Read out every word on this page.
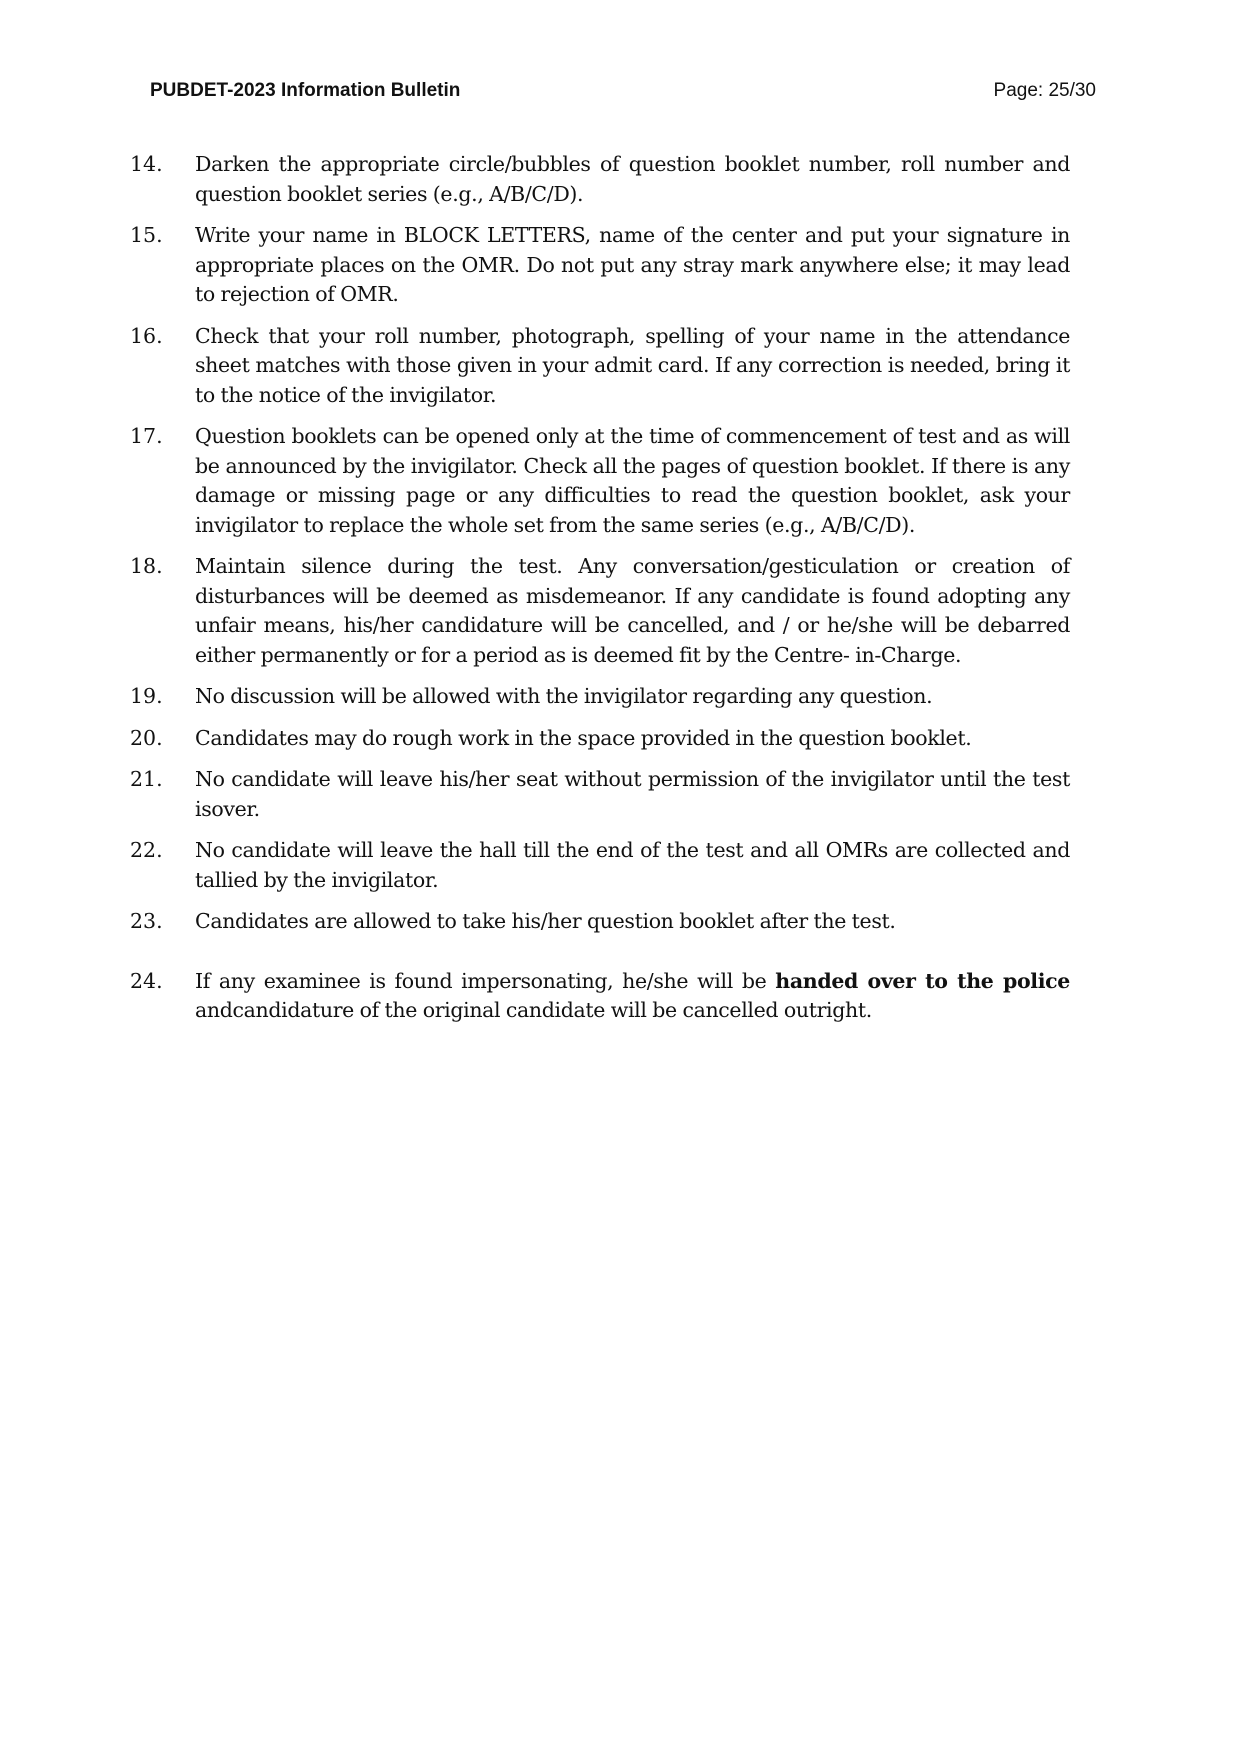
PUBDET-2023 Information Bulletin	Page: 25/30
14.	Darken the appropriate circle/bubbles of question booklet number, roll number and question booklet series (e.g., A/B/C/D).
15.	Write your name in BLOCK LETTERS, name of the center and put your signature in appropriate places on the OMR. Do not put any stray mark anywhere else; it may lead to rejection of OMR.
16.	Check that your roll number, photograph, spelling of your name in the attendance sheet matches with those given in your admit card. If any correction is needed, bring it to the notice of the invigilator.
17.	Question booklets can be opened only at the time of commencement of test and as will be announced by the invigilator. Check all the pages of question booklet. If there is any damage or missing page or any difficulties to read the question booklet, ask your invigilator to replace the whole set from the same series (e.g., A/B/C/D).
18.	Maintain silence during the test. Any conversation/gesticulation or creation of disturbances will be deemed as misdemeanor. If any candidate is found adopting any unfair means, his/her candidature will be cancelled, and / or he/she will be debarred either permanently or for a period as is deemed fit by the Centre- in-Charge.
19.	No discussion will be allowed with the invigilator regarding any question.
20.	Candidates may do rough work in the space provided in the question booklet.
21.	No candidate will leave his/her seat without permission of the invigilator until the test isover.
22.	No candidate will leave the hall till the end of the test and all OMRs are collected and tallied by the invigilator.
23.	Candidates are allowed to take his/her question booklet after the test.
24.	If any examinee is found impersonating, he/she will be handed over to the police andcandidature of the original candidate will be cancelled outright.
